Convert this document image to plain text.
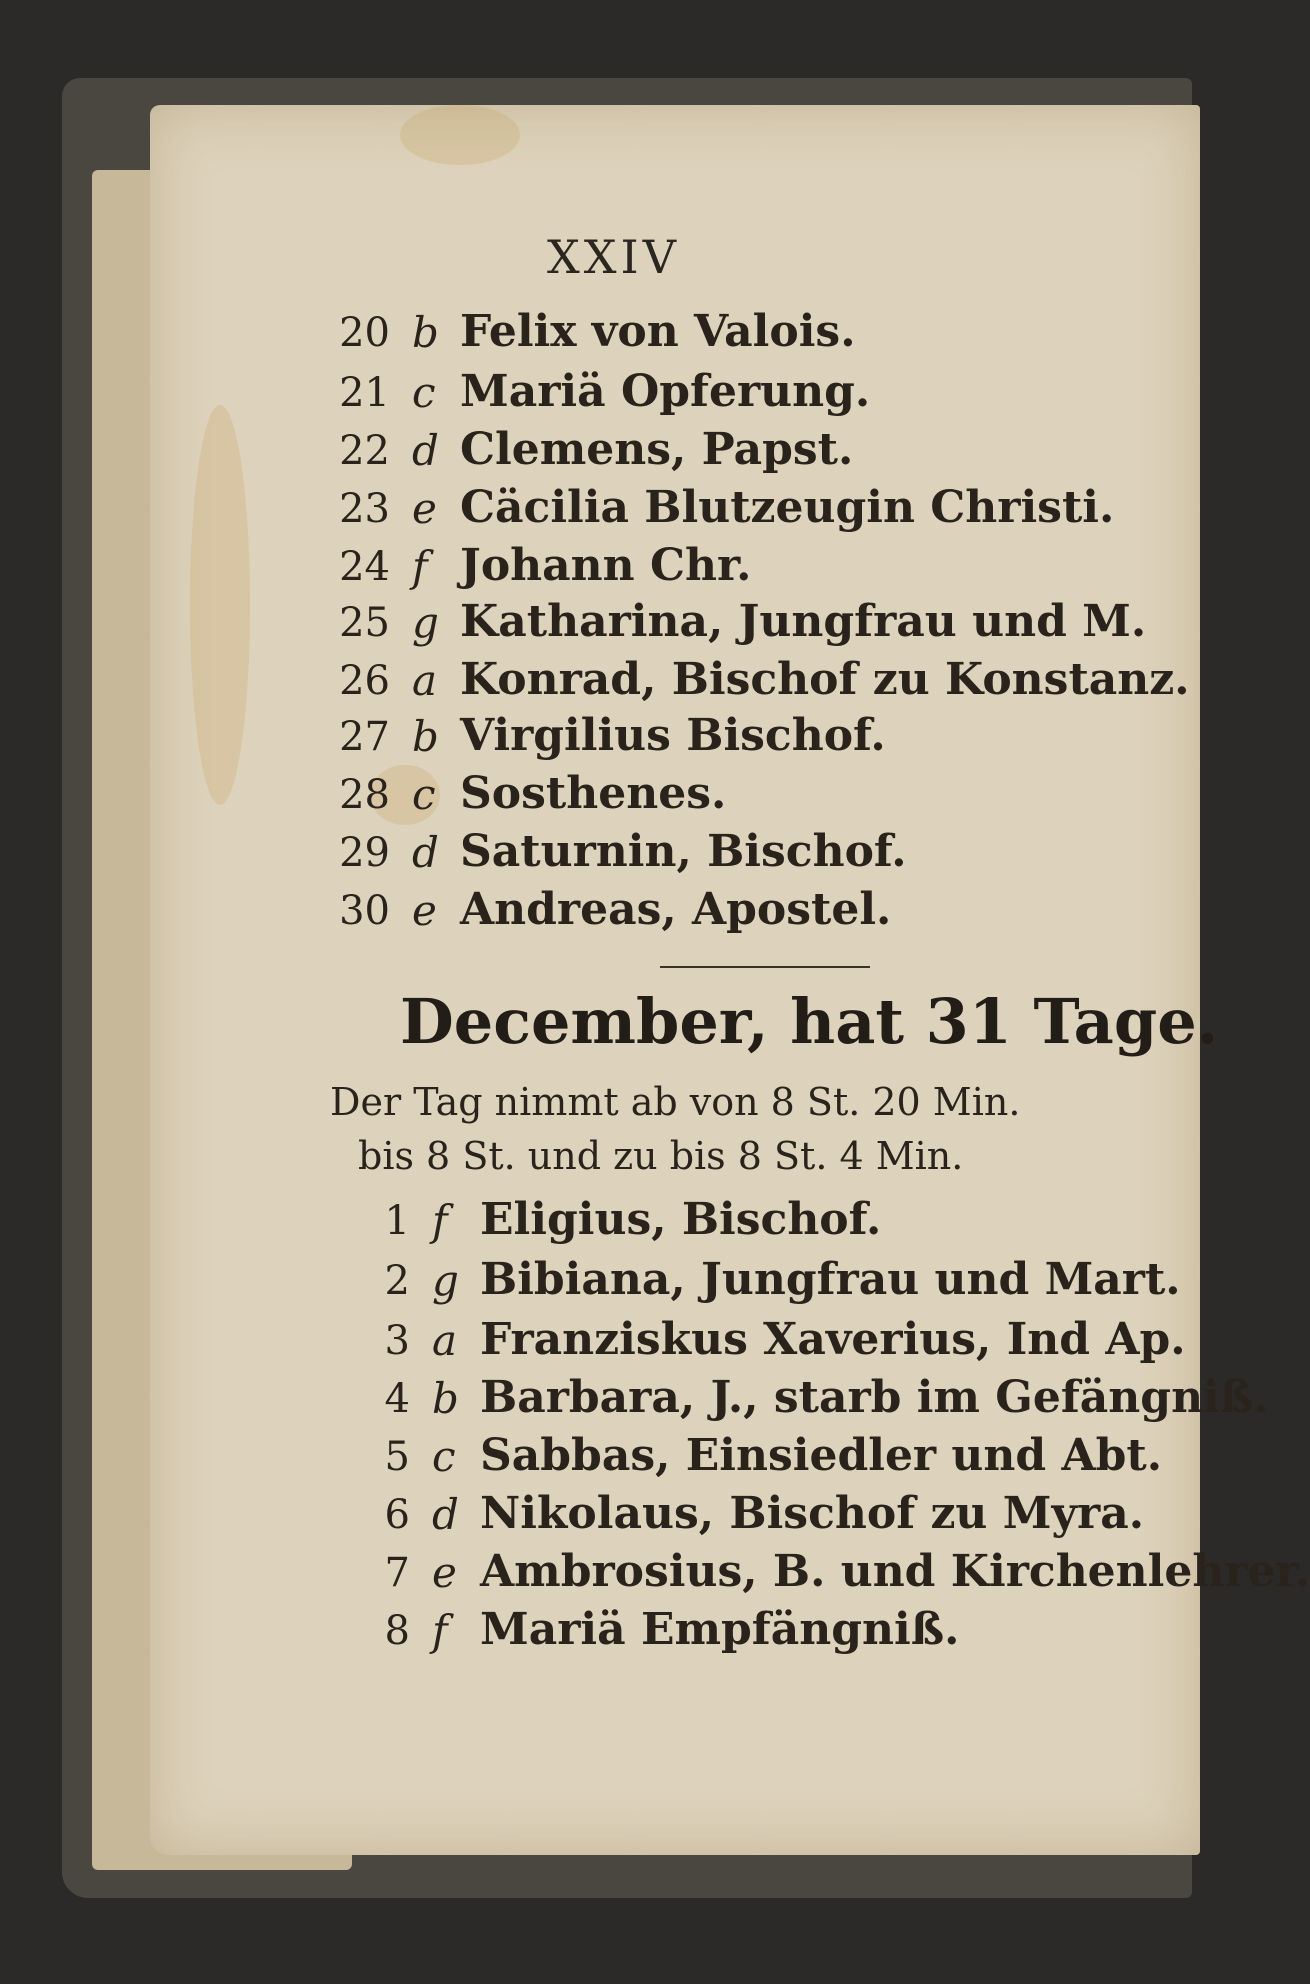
XXIV
20 b Felix von Valois.
21 c Mariä Opferung.
22 d Clemens, Papst.
23 e Cäcilia Blutzeugin Christi.
24 f Johann Chr.
25 g Katharina, Jungfrau und M.
26 a Konrad, Bischof zu Konstanz.
27 b Virgilius Bischof.
28 c Sosthenes.
29 d Saturnin, Bischof.
30 e Andreas, Apostel.
December, hat 31 Tage.
Der Tag nimmt ab von 8 St. 20 Min.
bis 8 St. und zu bis 8 St. 4 Min.
1 f Eligius, Bischof.
2 g Bibiana, Jungfrau und Mart.
3 a Franziskus Xaverius, Ind Ap.
4 b Barbara, J., starb im Gefängniß.
5 c Sabbas, Einsiedler und Abt.
6 d Nikolaus, Bischof zu Myra.
7 e Ambrosius, B. und Kirchenlehrer.
8 f Mariä Empfängniß.
